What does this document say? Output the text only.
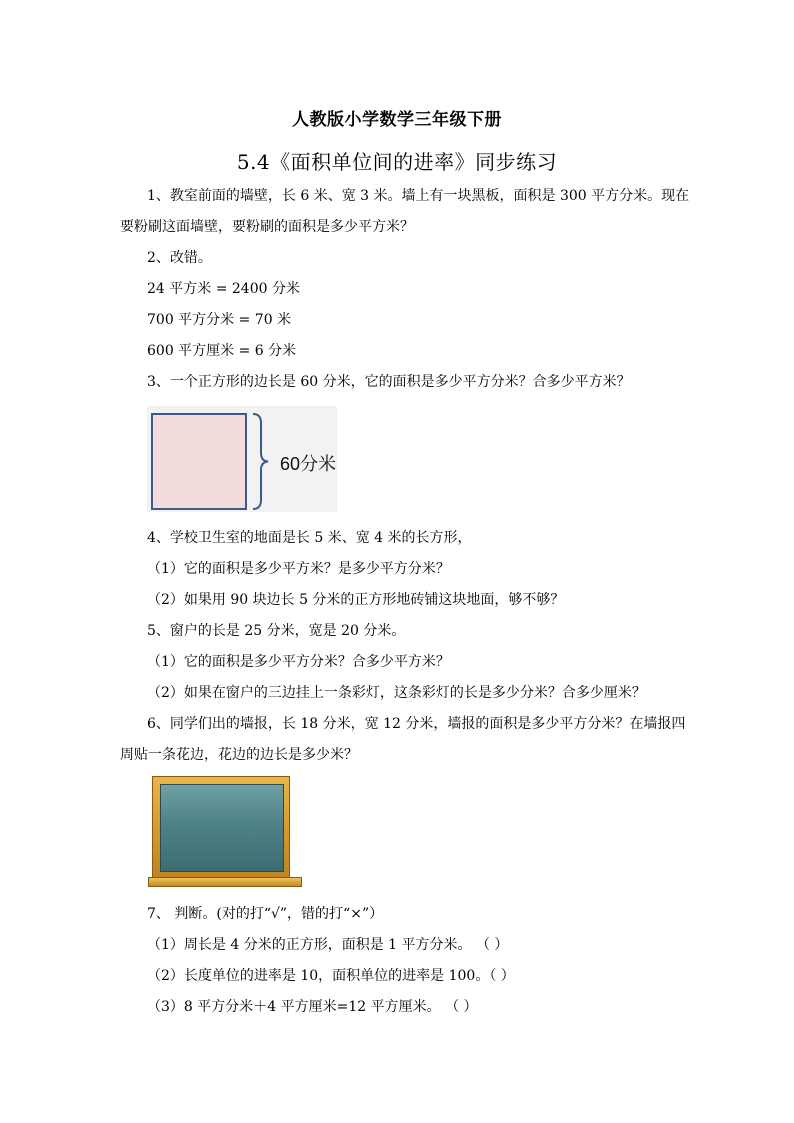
人教版小学数学三年级下册
5.4《面积单位间的进率》同步练习
1、教室前面的墙壁，长 6 米、宽 3 米。墙上有一块黑板，面积是 300 平方分米。现在
要粉刷这面墙壁，要粉刷的面积是多少平方米？
2、改错。
24 平方米 = 2400 分米
700 平方分米 = 70 米
600 平方厘米 = 6 分米
3、一个正方形的边长是 60 分米，它的面积是多少平方分米？合多少平方米？
60分米
4、学校卫生室的地面是长 5 米、宽 4 米的长方形，
（1）它的面积是多少平方米？是多少平方分米？
（2）如果用 90 块边长 5 分米的正方形地砖铺这块地面，够不够？
5、窗户的长是 25 分米，宽是 20 分米。
（1）它的面积是多少平方分米？合多少平方米？
（2）如果在窗户的三边挂上一条彩灯，这条彩灯的长是多少分米？合多少厘米？
6、同学们出的墙报，长 18 分米，宽 12 分米，墙报的面积是多少平方分米？在墙报四
周贴一条花边，花边的边长是多少米？
7、 判断。(对的打“√”，错的打“×”）
（1）周长是 4 分米的正方形，面积是 1 平方分米。 （ ）
（2）长度单位的进率是 10，面积单位的进率是 100。（ ）
（3）8 平方分米＋4 平方厘米=12 平方厘米。 （ ）
